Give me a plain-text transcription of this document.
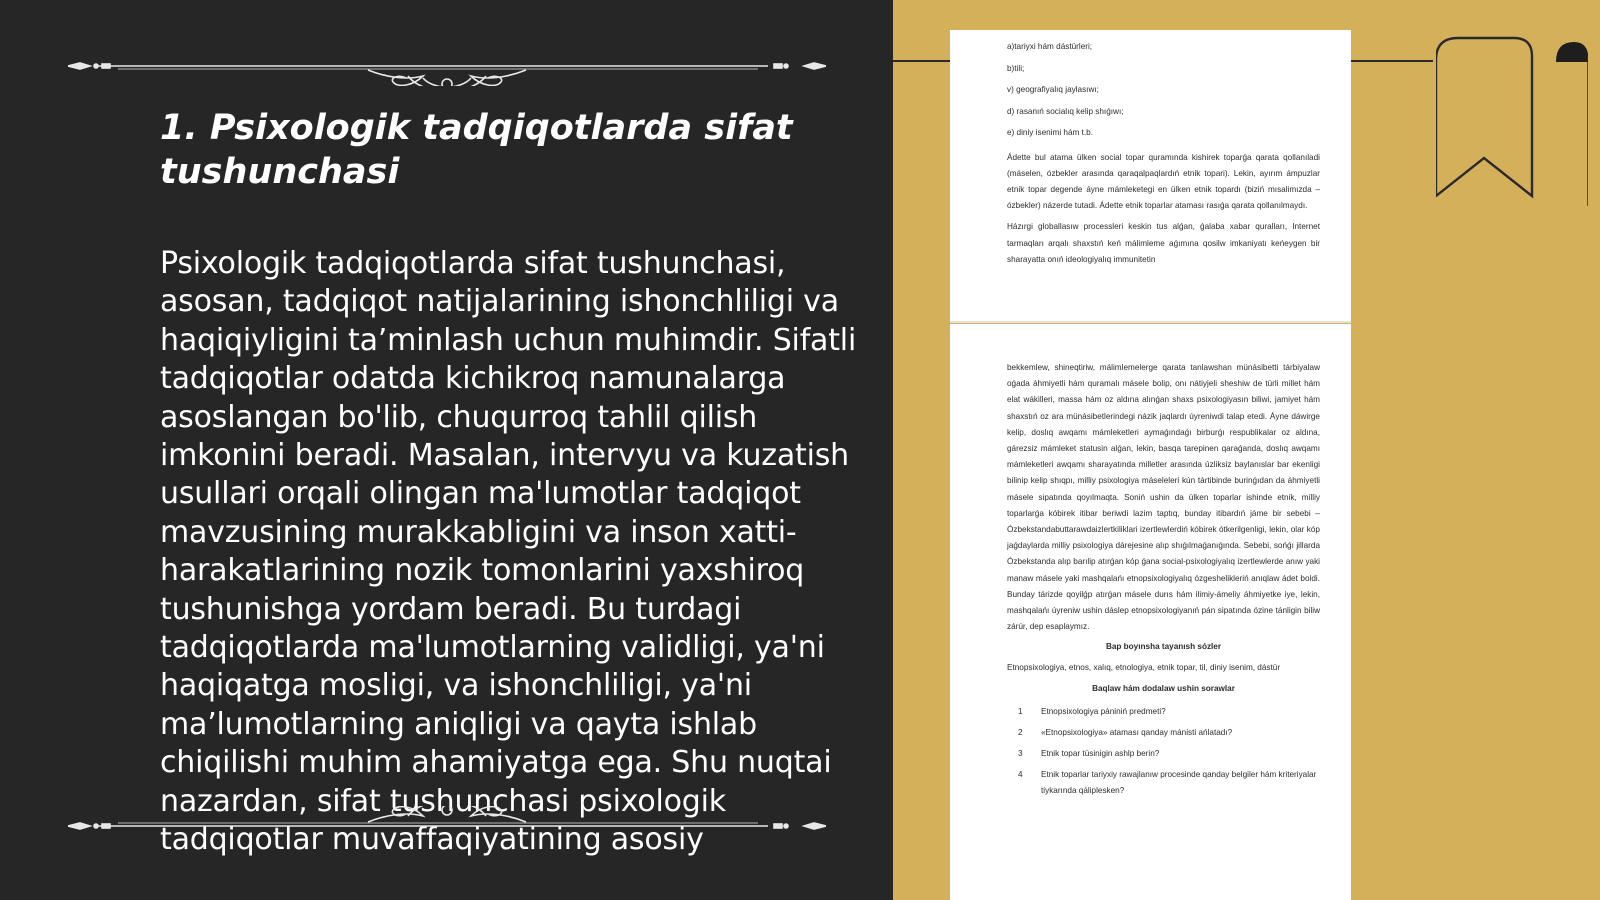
1. Psixologik tadqiqotlarda sifat tushunchasi

Psixologik tadqiqotlarda sifat tushunchasi, asosan, tadqiqot natijalarining ishonchliligi va haqiqiyligini ta’minlash uchun muhimdir. Sifatli tadqiqotlar odatda kichikroq namunalarga asoslangan bo'lib, chuqurroq tahlil qilish imkonini beradi. Masalan, intervyu va kuzatish usullari orqali olingan ma'lumotlar tadqiqot mavzusining murakkabligini va inson xatti-harakatlarining nozik tomonlarini yaxshiroq tushunishga yordam beradi. Bu turdagi tadqiqotlarda ma'lumotlarning validligi, ya'ni haqiqatga mosligi, va ishonchliligi, ya'ni ma’lumotlarning aniqligi va qayta ishlab chiqilishi muhim ahamiyatga ega. Shu nuqtai nazardan, sifat tushunchasi psixologik tadqiqotlar muvaffaqiyatining asosiy

a)tariyxi hám dástürleri;
b)tili;
v) geografiyalıq jaylasıwı;
d) rasanıń socialıq kelip shıǵıwı;
e) diniy isenimi hám t.b.

Ádette bul atama ülken social topar quramında kishirek toparǵa qarata qollanıladi (máselen, ózbekler arasında qaraqalpaqlardıń etnik topari). Lekin, ayırım ámpuzlar etnik topar degende áyne mámleketegi en ülken etnik topardı (biziń mısalimızda – ózbekler) názerde tutadi. Ádette etnik toparlar ataması rasıǵa qarata qollanılmaydı.

Házırgi globallasıw processleri keskin tus alǵan, ǵalaba xabar quralları, Internet tarmaqları arqalı shaxstıń keń málimleme aǵımına qosilw imkaniyatı keńeygen bir sharayatta onıń ideologiyalıq immunitetin

bekkemlew, shineqtiriw, málimlemelerge qarata tanlawshan münásibetti tárbiyalaw oǵada áhmiyetli hám quramalı másele bolip, onı nátiyjeli sheshiw de türli millet hám elat wákilleri, massa hám oz aldına alınǵan shaxs psixologiyasın biliwi, jamiyet hám shaxstıń oz ara münásibetlerindegi názik jaqlardı úyreniwdi talap etedi. Áyne dáwirge kelip, doslıq awqamı mámleketleri aymaǵındaǵı birburǵı respublikalar oz aldına, gárezsiz mámleket statusin alǵan, lekin, basqa tarepinen qaraǵanda, doslıq awqamı mámleketleri awqamı sharayatında milletler arasında úzliksiz baylanıslar bar ekenligi bilinip kelip shıqpı, milliy psixologiya máseleleri kún tártibinde burinǵıdan da áhmiyetli másele sipatında qoyılmaqta. Soniń ushin da ülken toparlar ishinde etnik, milliy toparlarǵa kóbirek itibar beriwdi lazim taptıq, bunday itibardıń jáme bir sebebi – Ózbekstandabuttarawdaizlertkiliklari izertlewlerdiń kóbirek ótkerilgenligi, lekin, olar kóp jaǵdaylarda milliy psixologiya dárejesine alıp shıǵılmaǵanıǵında. Sebebi, sońǵı jillarda Ózbekstanda alıp barılip atırǵan kóp ǵana social-psixologiyalıq izertlewlerde anıw yaki manaw másele yaki mashqalańı etnopsixologiyalıq ózgeshelikleriń anıqlaw ádet boldi. Bunday tárizde qoyilǵp atırǵan másele durıs hám ilimiy-ámeliy áhmiyetke iye, lekin, mashqalańı úyreniw ushin dáslep etnopsixologiyanıń pán sipatında ózine tánligin biliw zárúr, dep esaplaymız.

Bap boyınsha tayanısh sózler
Etnopsixologiya, etnos, xalıq, etnologiya, etnik topar, til, diniy isenim, dástür
Baqlaw hám dodalaw ushin sorawlar
1	Etnopsixologiya pániniń predmeti?
2	«Etnopsixologiya» ataması qanday mánisti ańlatadı?
3	Etnik topar tüsinigin ashlp berin?
4	Etnik toparlar tariyxiy rawajlanıw procesinde qanday belgiler hám kriteriyalar tiykarında qáliplesken?
